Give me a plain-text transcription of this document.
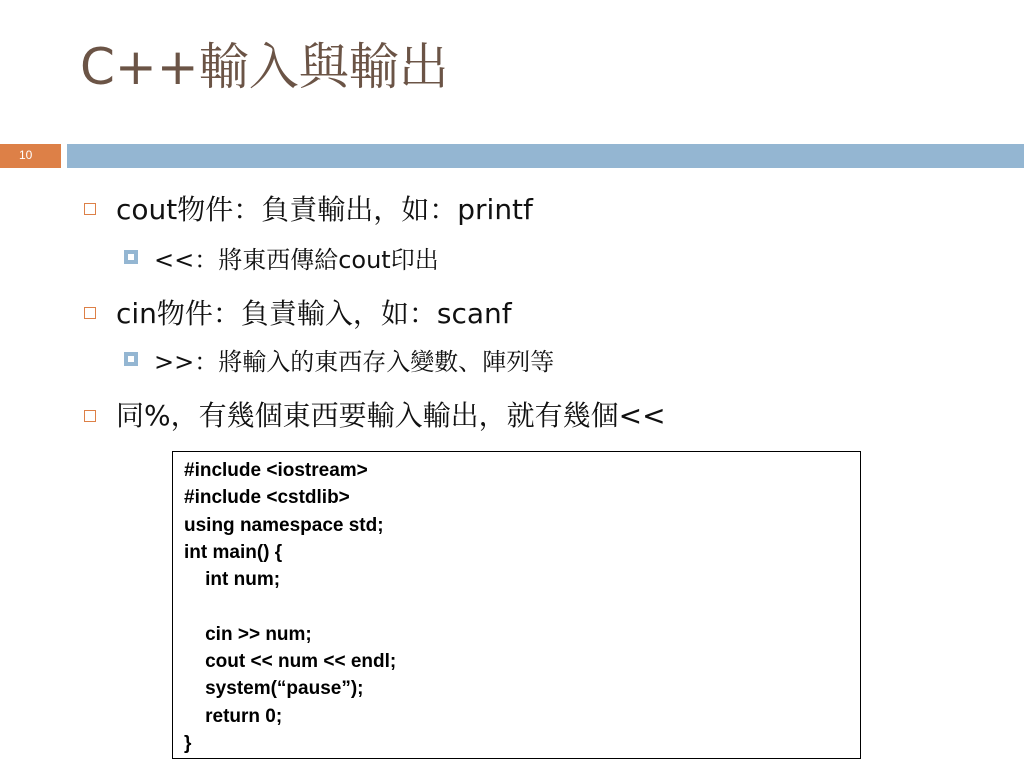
C++輸入與輸出
10
cout物件：負責輸出，如：printf
<<：將東西傳給cout印出
cin物件：負責輸入，如：scanf
>>：將輸入的東西存入變數、陣列等
同%，有幾個東西要輸入輸出，就有幾個<<
#include <iostream>
#include <cstdlib>
using namespace std;
int main() {
int num;
cin >> num;
cout << num << endl;
system(“pause”);
return 0;
}
